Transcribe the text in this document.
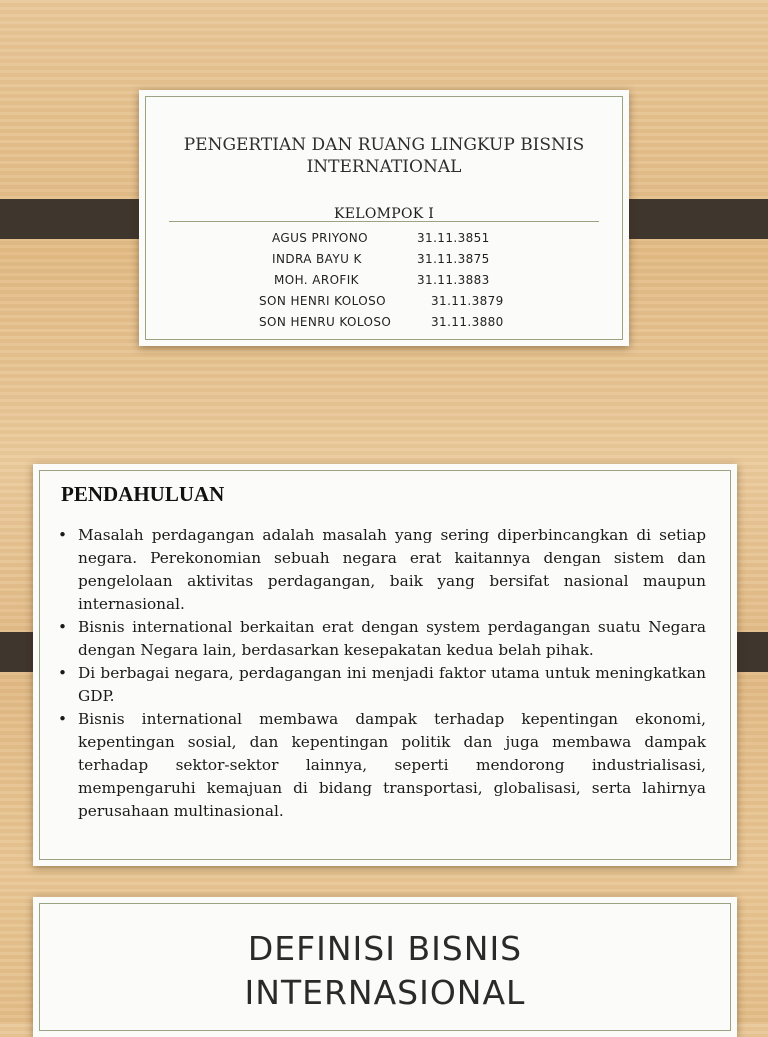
PENGERTIAN DAN RUANG LINGKUP BISNIS
INTERNATIONAL
KELOMPOK I
AGUS PRIYONO	31.11.3851
INDRA BAYU K	31.11.3875
MOH. AROFIK	31.11.3883
SON HENRI KOLOSO	31.11.3879
SON HENRU KOLOSO	31.11.3880
PENDAHULUAN
• Masalah perdagangan adalah masalah yang sering diperbincangkan di setiap negara. Perekonomian sebuah negara erat kaitannya dengan sistem dan pengelolaan aktivitas perdagangan, baik yang bersifat nasional maupun internasional.
• Bisnis international berkaitan erat dengan system perdagangan suatu Negara dengan Negara lain, berdasarkan kesepakatan kedua belah pihak.
• Di berbagai negara, perdagangan ini menjadi faktor utama untuk meningkatkan GDP.
• Bisnis international membawa dampak terhadap kepentingan ekonomi, kepentingan sosial, dan kepentingan politik dan juga membawa dampak terhadap sektor-sektor lainnya, seperti mendorong industrialisasi, mempengaruhi kemajuan di bidang transportasi, globalisasi, serta lahirnya perusahaan multinasional.
DEFINISI BISNIS
INTERNASIONAL
